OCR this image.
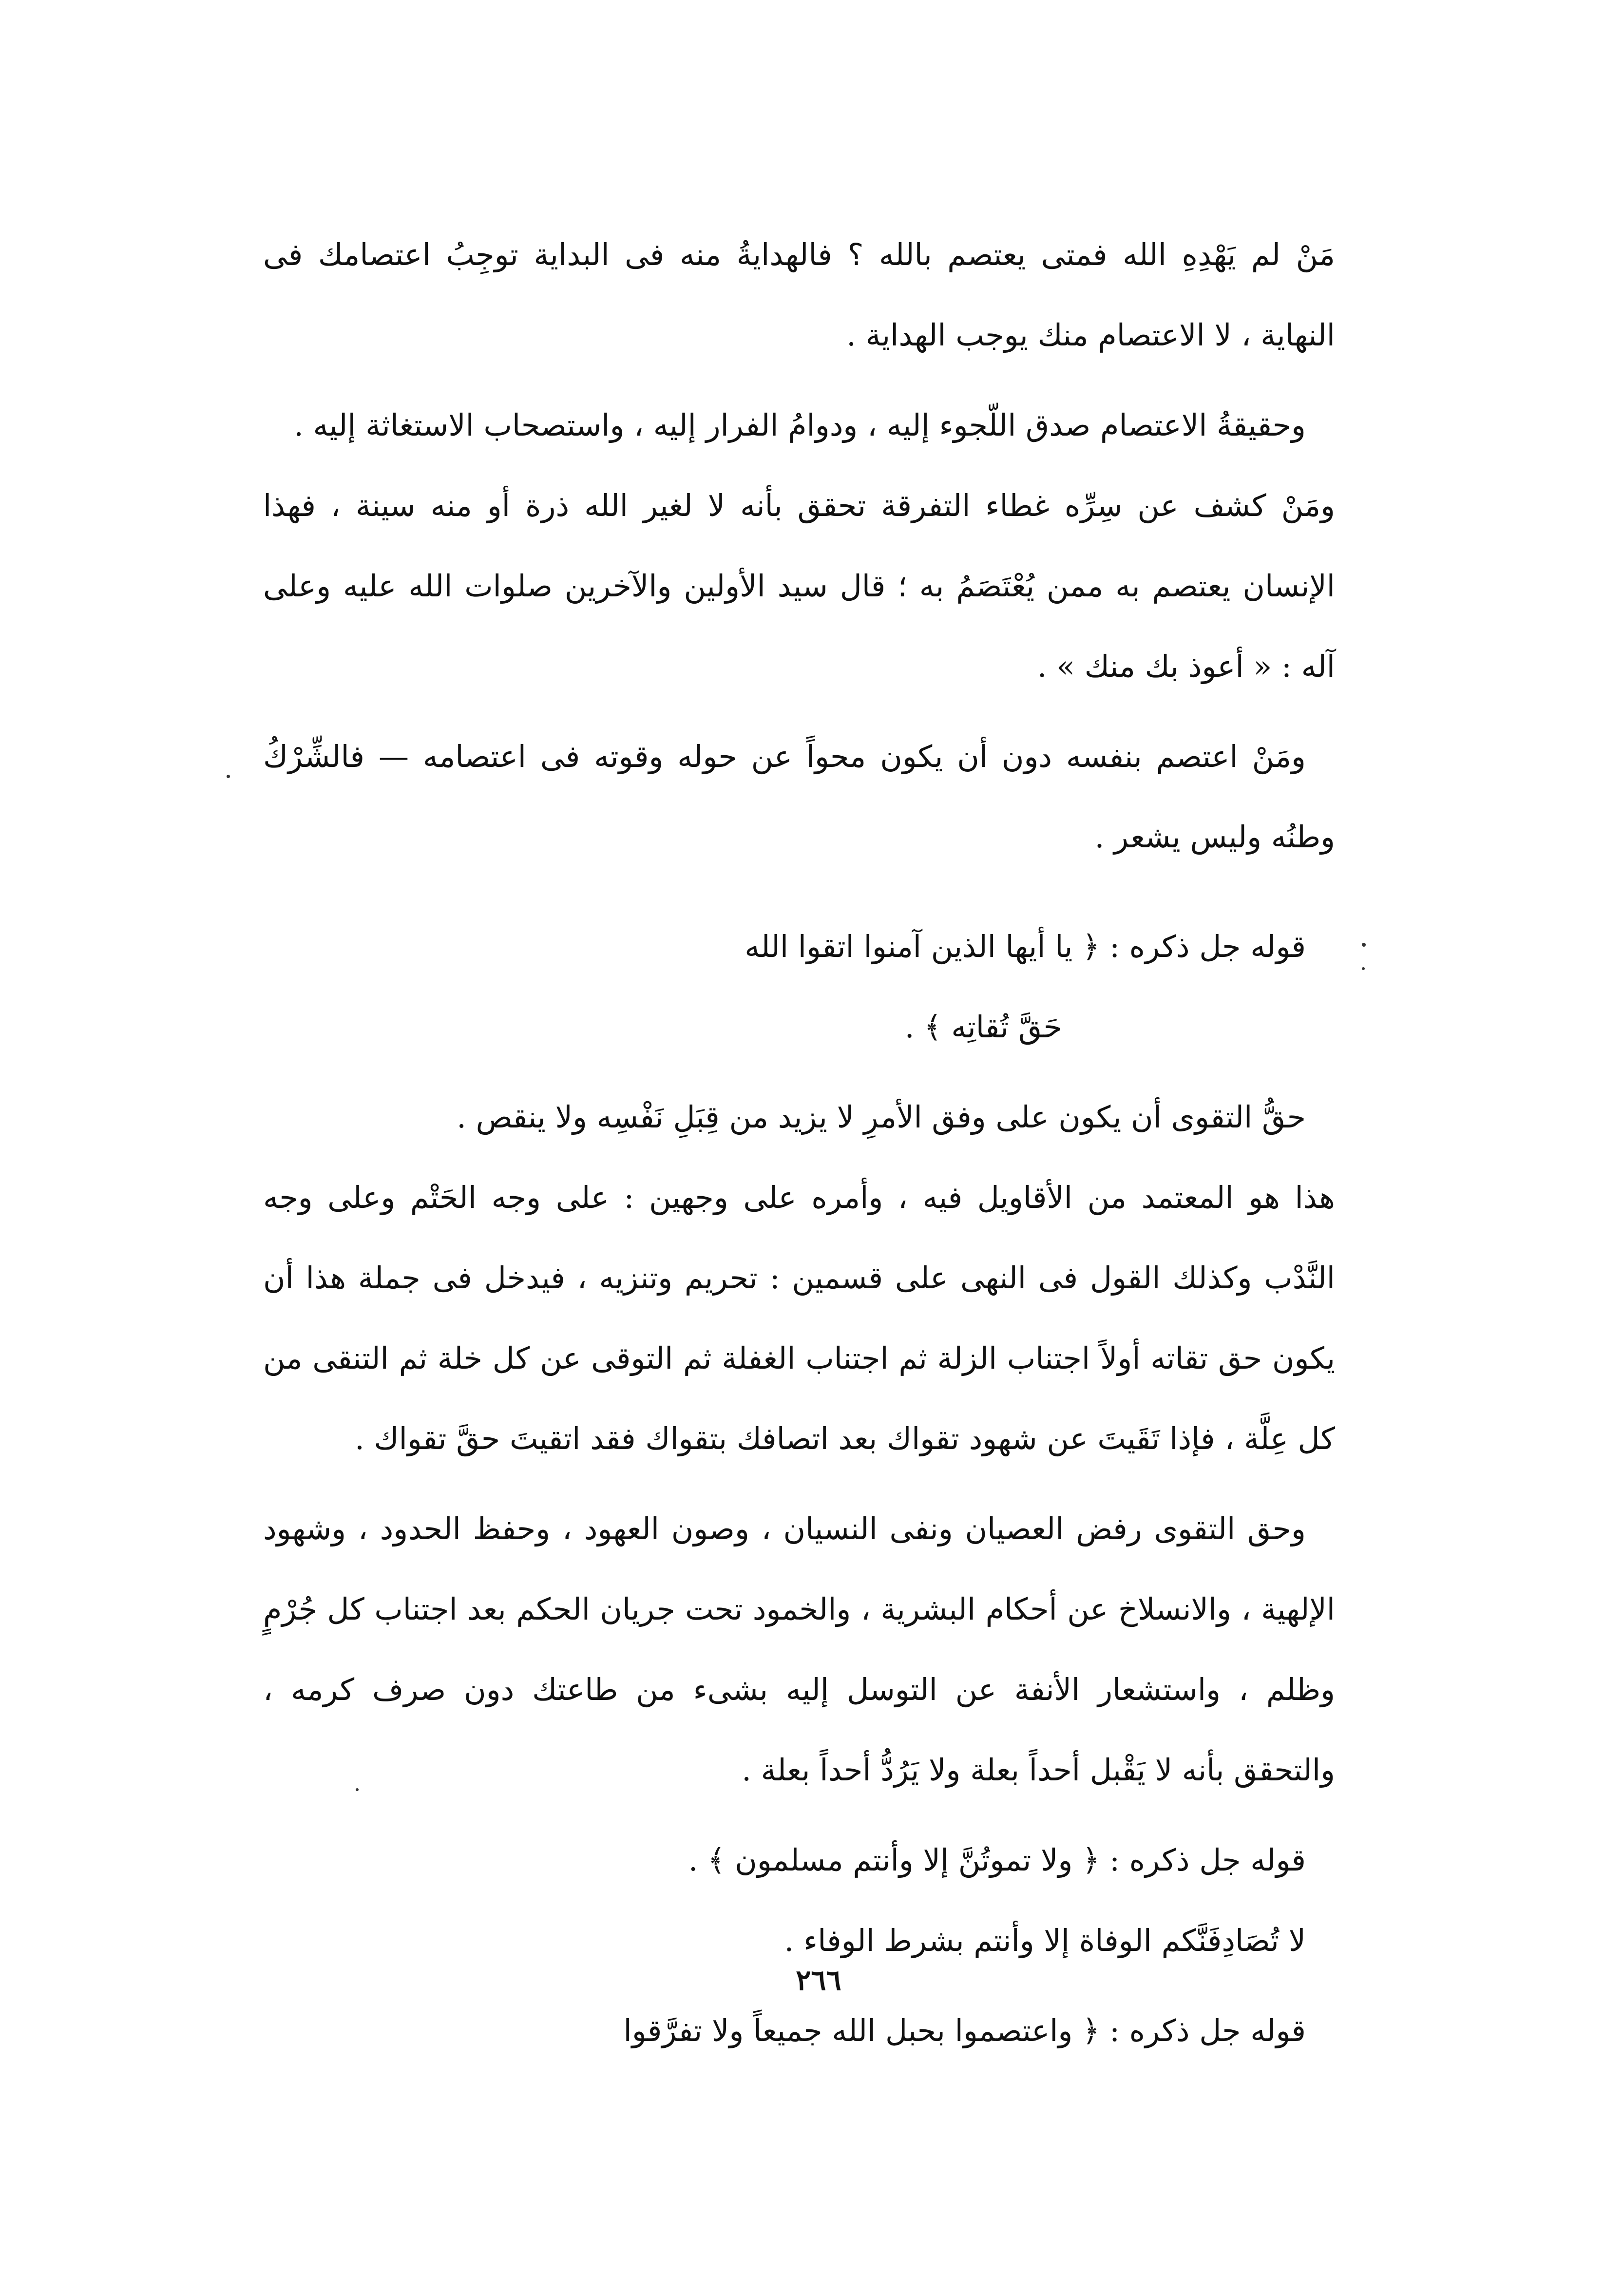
مَنْ لم يَهْدِهِ الله فمتى يعتصم بالله ؟ فالهدايةُ منه فى البداية توجِبُ اعتصامك فى النهاية ، لا الاعتصام منك يوجب الهداية .

وحقيقةُ الاعتصام صدق اللّجوء إليه ، ودوامُ الفرار إليه ، واستصحاب الاستغاثة إليه .

ومَنْ كشف عن سِرِّه غطاء التفرقة تحقق بأنه لا لغير الله ذرة أو منه سينة ، فهذا الإنسان يعتصم به ممن يُعْتَصَمُ به ؛ قال سيد الأولين والآخرين صلوات الله عليه وعلى آله : « أعوذ بك منك » .

ومَنْ اعتصم بنفسه دون أن يكون محواً عن حوله وقوته فى اعتصامه — فالشِّرْكُ وطنُه وليس يشعر .

قوله جل ذكره : ﴿ يا أيها الذين آمنوا اتقوا الله

حَقَّ تُقاتِه ﴾ .

حقُّ التقوى أن يكون على وفق الأمرِ لا يزيد من قِبَلِ نَفْسِه ولا ينقص .

هذا هو المعتمد من الأقاويل فيه ، وأمره على وجهين : على وجه الحَتْم وعلى وجه النَّدْب وكذلك القول فى النهى على قسمين : تحريم وتنزيه ، فيدخل فى جملة هذا أن يكون حق تقاته أولاً اجتناب الزلة ثم اجتناب الغفلة ثم التوقى عن كل خلة ثم التنقى من كل عِلَّة ، فإذا تَقَيتَ عن شهود تقواك بعد اتصافك بتقواك فقد اتقيتَ حقَّ تقواك .

وحق التقوى رفض العصيان ونفى النسيان ، وصون العهود ، وحفظ الحدود ، وشهود الإلهية ، والانسلاخ عن أحكام البشرية ، والخمود تحت جريان الحكم بعد اجتناب كل جُرْمٍ وظلم ، واستشعار الأنفة عن التوسل إليه بشىء من طاعتك دون صرف كرمه ، والتحقق بأنه لا يَقْبل أحداً بعلة ولا يَرُدُّ أحداً بعلة .

قوله جل ذكره : ﴿ ولا تموتُنَّ إلا وأنتم مسلمون ﴾ .

لا تُصَادِفَنَّكم الوفاة إلا وأنتم بشرط الوفاء .

قوله جل ذكره : ﴿ واعتصموا بحبل الله جميعاً ولا تفرَّقوا

٢٦٦
